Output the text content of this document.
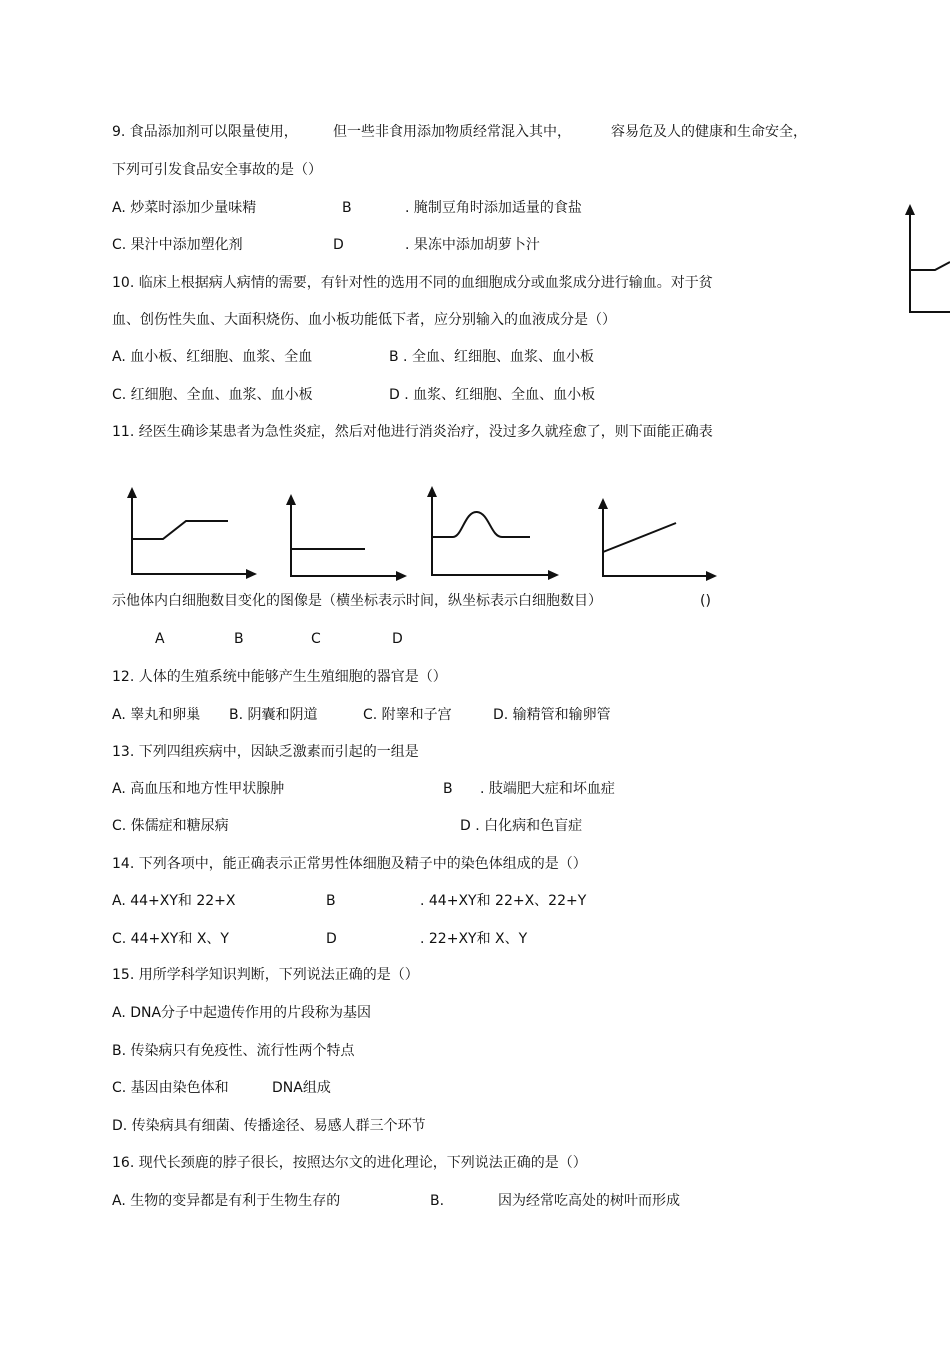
9. 食品添加剂可以限量使用，	但一些非食用添加物质经常混入其中，	容易危及人的健康和生命安全，
下列可引发食品安全事故的是（）
A. 炒菜时添加少量味精	B	. 腌制豆角时添加适量的食盐
C. 果汁中添加塑化剂	D	. 果冻中添加胡萝卜汁
10. 临床上根据病人病情的需要，有针对性的选用不同的血细胞成分或血浆成分进行输血。对于贫
血、创伤性失血、大面积烧伤、血小板功能低下者，应分别输入的血液成分是（）
A. 血小板、红细胞、血浆、全血	B . 全血、红细胞、血浆、血小板
C. 红细胞、全血、血浆、血小板	D . 血浆、红细胞、全血、血小板
11. 经医生确诊某患者为急性炎症，然后对他进行消炎治疗，没过多久就痊愈了，则下面能正确表
示他体内白细胞数目变化的图像是（横坐标表示时间，纵坐标表示白细胞数目）	()
A	B	C	D
12. 人体的生殖系统中能够产生生殖细胞的器官是（）
A. 睾丸和卵巢 B. 阴囊和阴道	C. 附睾和子宫	D. 输精管和输卵管
13. 下列四组疾病中，因缺乏激素而引起的一组是
A. 高血压和地方性甲状腺肿	B . 肢端肥大症和坏血症
C. 侏儒症和糖尿病	D . 白化病和色盲症
14. 下列各项中，能正确表示正常男性体细胞及精子中的染色体组成的是（）
A. 44+XY和 22+X	B	. 44+XY和 22+X、22+Y
C. 44+XY和 X、Y	D	. 22+XY和 X、Y
15. 用所学科学知识判断，下列说法正确的是（）
A. DNA分子中起遗传作用的片段称为基因
B. 传染病只有免疫性、流行性两个特点
C. 基因由染色体和	DNA组成
D. 传染病具有细菌、传播途径、易感人群三个环节
16. 现代长颈鹿的脖子很长，按照达尔文的进化理论，下列说法正确的是（）
A. 生物的变异都是有利于生物生存的	B.	因为经常吃高处的树叶而形成
